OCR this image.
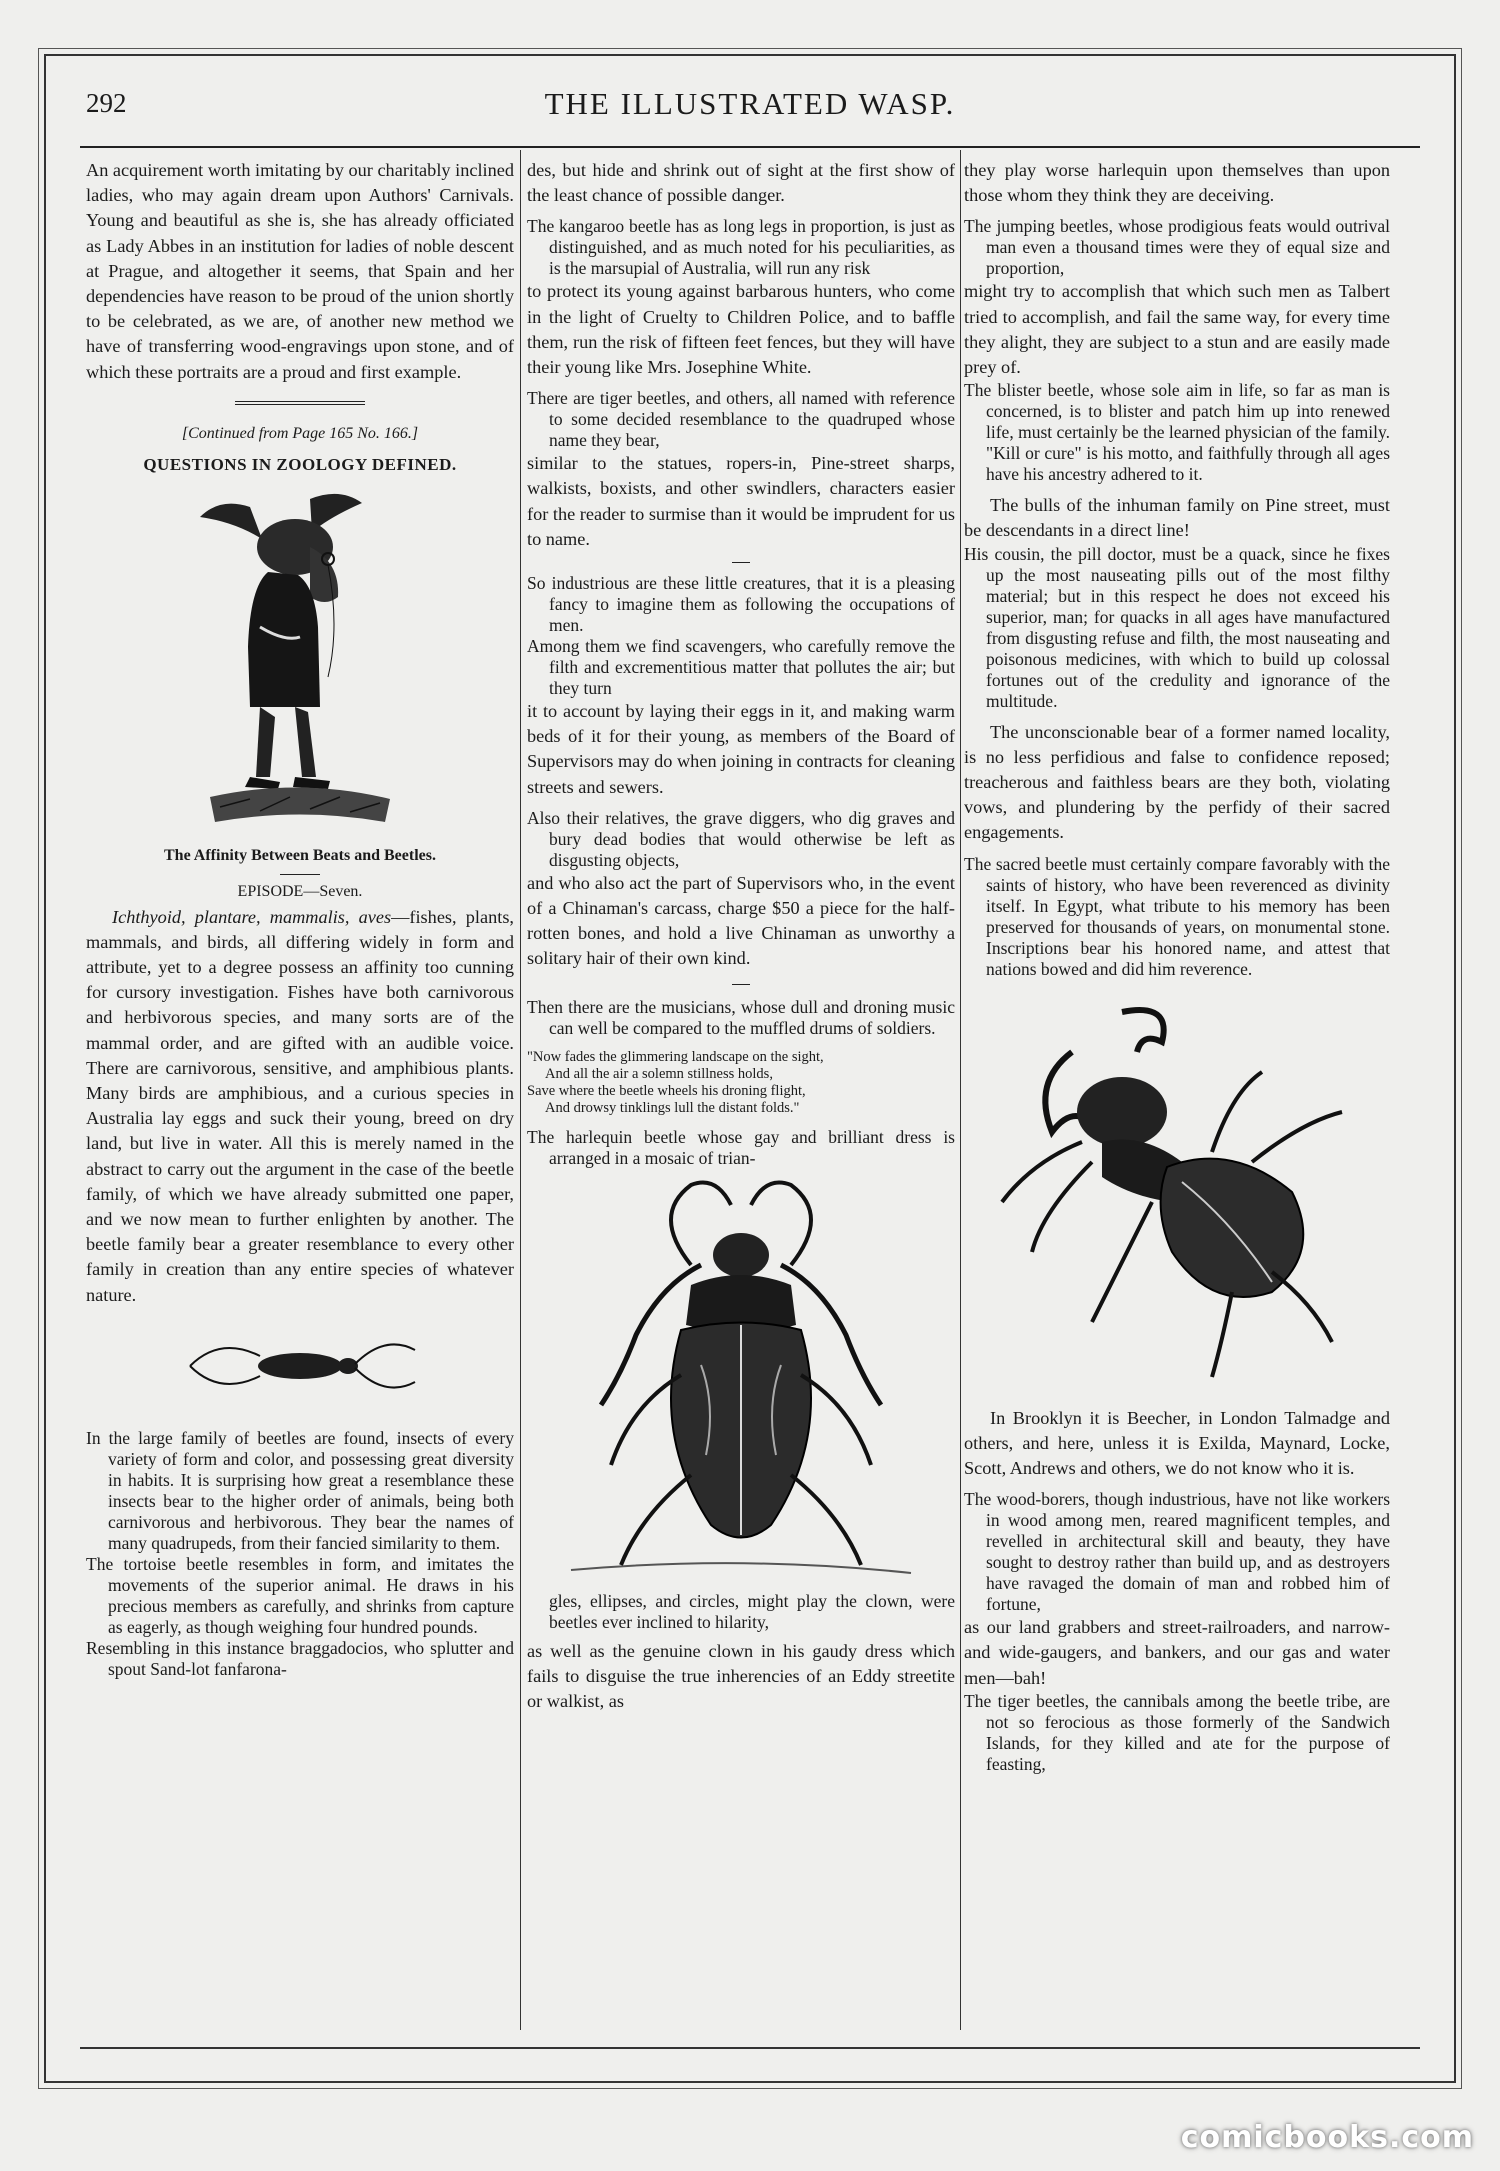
292	THE ILLUSTRATED WASP.

An acquirement worth imitating by our charitably inclined ladies, who may again dream upon Authors' Carnivals. Young and beautiful as she is, she has already officiated as Lady Abbes in an institution for ladies of noble descent at Prague, and altogether it seems, that Spain and her dependencies have reason to be proud of the union shortly to be celebrated, as we are, of another new method we have of transferring wood-engravings upon stone, and of which these portraits are a proud and first example.

[Continued from Page 165 No. 166.]
QUESTIONS IN ZOOLOGY DEFINED.
The Affinity Between Beats and Beetles.
EPISODE—Seven.

Ichthyoid, plantare, mammalis, aves—fishes, plants, mammals, and birds, all differing widely in form and attribute, yet to a degree possess an affinity too cunning for cursory investigation. Fishes have both carnivorous and herbivorous species, and many sorts are of the mammal order, and are gifted with an audible voice. There are carnivorous, sensitive, and amphibious plants. Many birds are amphibious, and a curious species in Australia lay eggs and suck their young, breed on dry land, but live in water. All this is merely named in the abstract to carry out the argument in the case of the beetle family, of which we have already submitted one paper, and we now mean to further enlighten by another. The beetle family bear a greater resemblance to every other family in creation than any entire species of whatever nature.

In the large family of beetles are found, insects of every variety of form and color, and possessing great diversity in habits. It is surprising how great a resemblance these insects bear to the higher order of animals, being both carnivorous and herbivorous. They bear the names of many quadrupeds, from their fancied similarity to them.

The tortoise beetle resembles in form, and imitates the movements of the superior animal. He draws in his precious members as carefully, and shrinks from capture as eagerly, as though weighing four hundred pounds.

Resembling in this instance braggadocios, who splutter and spout Sand-lot fanfarona-

des, but hide and shrink out of sight at the first show of the least chance of possible danger.

The kangaroo beetle has as long legs in proportion, is just as distinguished, and as much noted for his peculiarities, as is the marsupial of Australia, will run any risk

to protect its young against barbarous hunters, who come in the light of Cruelty to Children Police, and to baffle them, run the risk of fifteen feet fences, but they will have their young like Mrs. Josephine White.

There are tiger beetles, and others, all named with reference to some decided resemblance to the quadruped whose name they bear,

similar to the statues, ropers-in, Pine-street sharps, walkists, boxists, and other swindlers, characters easier for the reader to surmise than it would be imprudent for us to name.

So industrious are these little creatures, that it is a pleasing fancy to imagine them as following the occupations of men.

Among them we find scavengers, who carefully remove the filth and excrementitious matter that pollutes the air; but they turn

it to account by laying their eggs in it, and making warm beds of it for their young, as members of the Board of Supervisors may do when joining in contracts for cleaning streets and sewers.

Also their relatives, the grave diggers, who dig graves and bury dead bodies that would otherwise be left as disgusting objects,

and who also act the part of Supervisors who, in the event of a Chinaman's carcass, charge $50 a piece for the half-rotten bones, and hold a live Chinaman as unworthy a solitary hair of their own kind.

Then there are the musicians, whose dull and droning music can well be compared to the muffled drums of soldiers.

"Now fades the glimmering landscape on the sight,
And all the air a solemn stillness holds,
Save where the beetle wheels his droning flight,
And drowsy tinklings lull the distant folds."

The harlequin beetle whose gay and brilliant dress is arranged in a mosaic of trian-

gles, ellipses, and circles, might play the clown, were beetles ever inclined to hilarity,

as well as the genuine clown in his gaudy dress which fails to disguise the true inherencies of an Eddy streetite or walkist, as

they play worse harlequin upon themselves than upon those whom they think they are deceiving.

The jumping beetles, whose prodigious feats would outrival man even a thousand times were they of equal size and proportion,

might try to accomplish that which such men as Talbert tried to accomplish, and fail the same way, for every time they alight, they are subject to a stun and are easily made prey of.

The blister beetle, whose sole aim in life, so far as man is concerned, is to blister and patch him up into renewed life, must certainly be the learned physician of the family. "Kill or cure" is his motto, and faithfully through all ages have his ancestry adhered to it.

The bulls of the inhuman family on Pine street, must be descendants in a direct line!

His cousin, the pill doctor, must be a quack, since he fixes up the most nauseating pills out of the most filthy material; but in this respect he does not exceed his superior, man; for quacks in all ages have manufactured from disgusting refuse and filth, the most nauseating and poisonous medicines, with which to build up colossal fortunes out of the credulity and ignorance of the multitude.

The unconscionable bear of a former named locality, is no less perfidious and false to confidence reposed; treacherous and faithless bears are they both, violating vows, and plundering by the perfidy of their sacred engagements.

The sacred beetle must certainly compare favorably with the saints of history, who have been reverenced as divinity itself. In Egypt, what tribute to his memory has been preserved for thousands of years, on monumental stone. Inscriptions bear his honored name, and attest that nations bowed and did him reverence.

In Brooklyn it is Beecher, in London Talmadge and others, and here, unless it is Exilda, Maynard, Locke, Scott, Andrews and others, we do not know who it is.

The wood-borers, though industrious, have not like workers in wood among men, reared magnificent temples, and revelled in architectural skill and beauty, they have sought to destroy rather than build up, and as destroyers have ravaged the domain of man and robbed him of fortune,

as our land grabbers and street-railroaders, and narrow- and wide-gaugers, and bankers, and our gas and water men—bah!

The tiger beetles, the cannibals among the beetle tribe, are not so ferocious as those formerly of the Sandwich Islands, for they killed and ate for the purpose of feasting,

comicbooks.com
